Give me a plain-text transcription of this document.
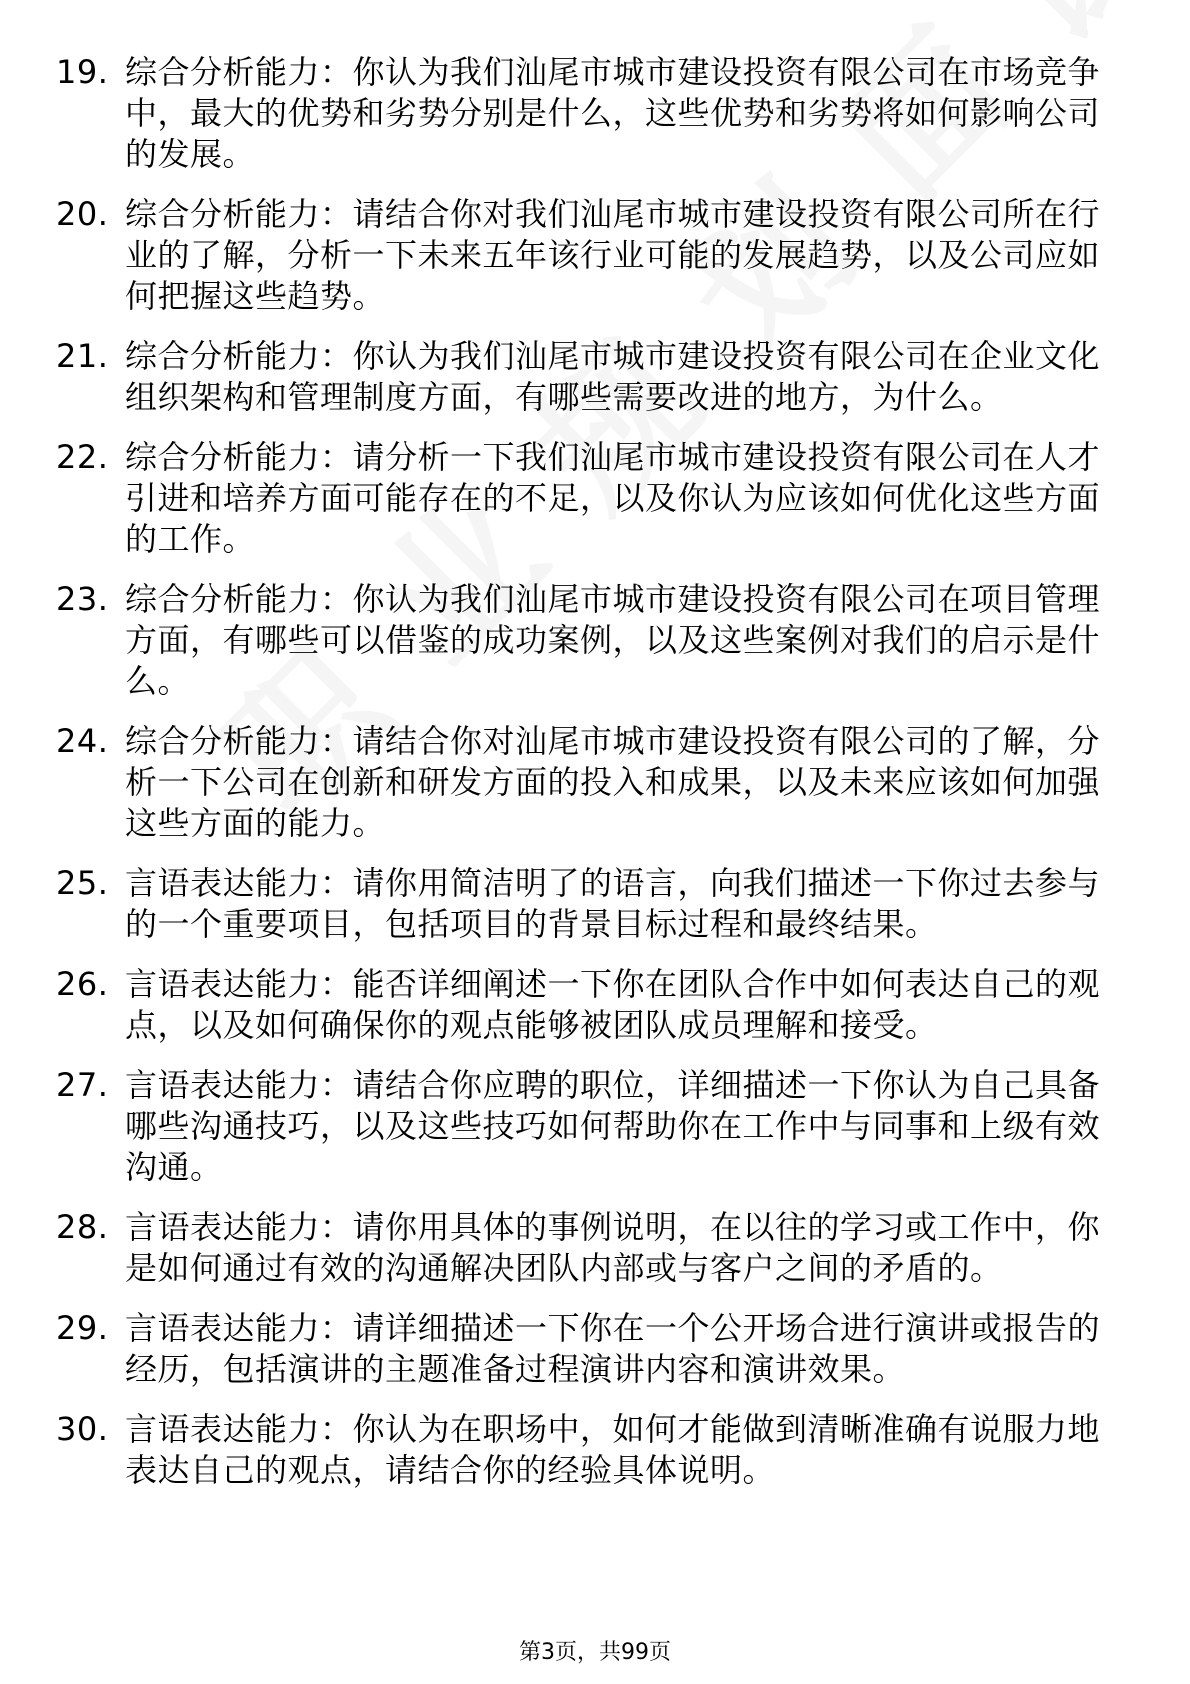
19. 综合分析能力：你认为我们汕尾市城市建设投资有限公司在市场竞争中，最大的优势和劣势分别是什么，这些优势和劣势将如何影响公司的发展。
20. 综合分析能力：请结合你对我们汕尾市城市建设投资有限公司所在行业的了解，分析一下未来五年该行业可能的发展趋势，以及公司应如何把握这些趋势。
21. 综合分析能力：你认为我们汕尾市城市建设投资有限公司在企业文化组织架构和管理制度方面，有哪些需要改进的地方，为什么。
22. 综合分析能力：请分析一下我们汕尾市城市建设投资有限公司在人才引进和培养方面可能存在的不足，以及你认为应该如何优化这些方面的工作。
23. 综合分析能力：你认为我们汕尾市城市建设投资有限公司在项目管理方面，有哪些可以借鉴的成功案例，以及这些案例对我们的启示是什么。
24. 综合分析能力：请结合你对汕尾市城市建设投资有限公司的了解，分析一下公司在创新和研发方面的投入和成果，以及未来应该如何加强这些方面的能力。
25. 言语表达能力：请你用简洁明了的语言，向我们描述一下你过去参与的一个重要项目，包括项目的背景目标过程和最终结果。
26. 言语表达能力：能否详细阐述一下你在团队合作中如何表达自己的观点，以及如何确保你的观点能够被团队成员理解和接受。
27. 言语表达能力：请结合你应聘的职位，详细描述一下你认为自己具备哪些沟通技巧，以及这些技巧如何帮助你在工作中与同事和上级有效沟通。
28. 言语表达能力：请你用具体的事例说明，在以往的学习或工作中，你是如何通过有效的沟通解决团队内部或与客户之间的矛盾的。
29. 言语表达能力：请详细描述一下你在一个公开场合进行演讲或报告的经历，包括演讲的主题准备过程演讲内容和演讲效果。
30. 言语表达能力：你认为在职场中，如何才能做到清晰准确有说服力地表达自己的观点，请结合你的经验具体说明。
第3页，共99页
